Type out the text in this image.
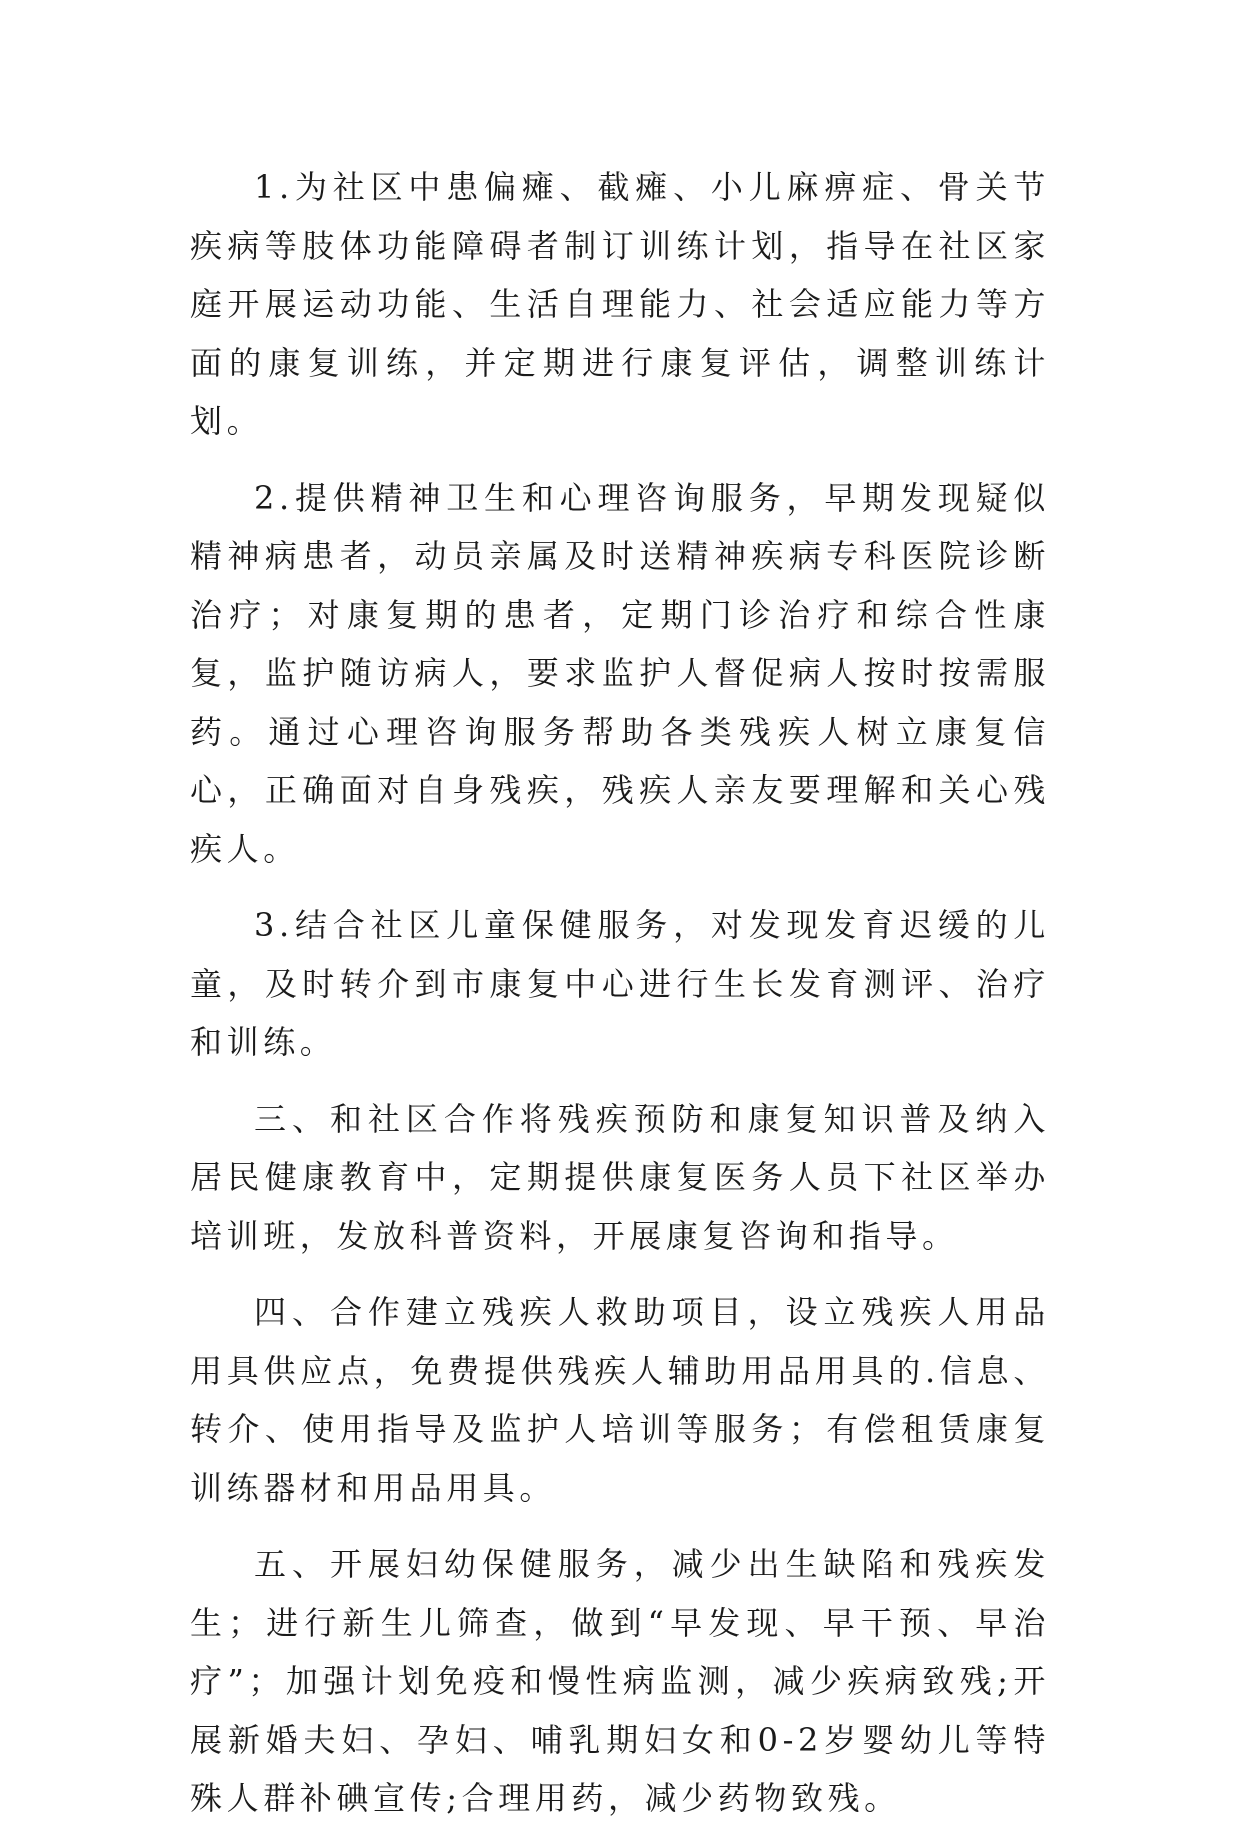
1.为社区中患偏瘫、截瘫、小儿麻痹症、骨关节疾病等肢体功能障碍者制订训练计划，指导在社区家庭开展运动功能、生活自理能力、社会适应能力等方面的康复训练，并定期进行康复评估，调整训练计划。

2.提供精神卫生和心理咨询服务，早期发现疑似精神病患者，动员亲属及时送精神疾病专科医院诊断治疗；对康复期的患者，定期门诊治疗和综合性康复，监护随访病人，要求监护人督促病人按时按需服药。通过心理咨询服务帮助各类残疾人树立康复信心，正确面对自身残疾，残疾人亲友要理解和关心残疾人。

3.结合社区儿童保健服务，对发现发育迟缓的儿童，及时转介到市康复中心进行生长发育测评、治疗和训练。

三、和社区合作将残疾预防和康复知识普及纳入居民健康教育中，定期提供康复医务人员下社区举办培训班，发放科普资料，开展康复咨询和指导。

四、合作建立残疾人救助项目，设立残疾人用品用具供应点，免费提供残疾人辅助用品用具的.信息、转介、使用指导及监护人培训等服务；有偿租赁康复训练器材和用品用具。

五、开展妇幼保健服务，减少出生缺陷和残疾发生；进行新生儿筛查，做到“早发现、早干预、早治疗”；加强计划免疫和慢性病监测，减少疾病致残;开展新婚夫妇、孕妇、哺乳期妇女和0-2岁婴幼儿等特殊人群补碘宣传;合理用药，减少药物致残。
